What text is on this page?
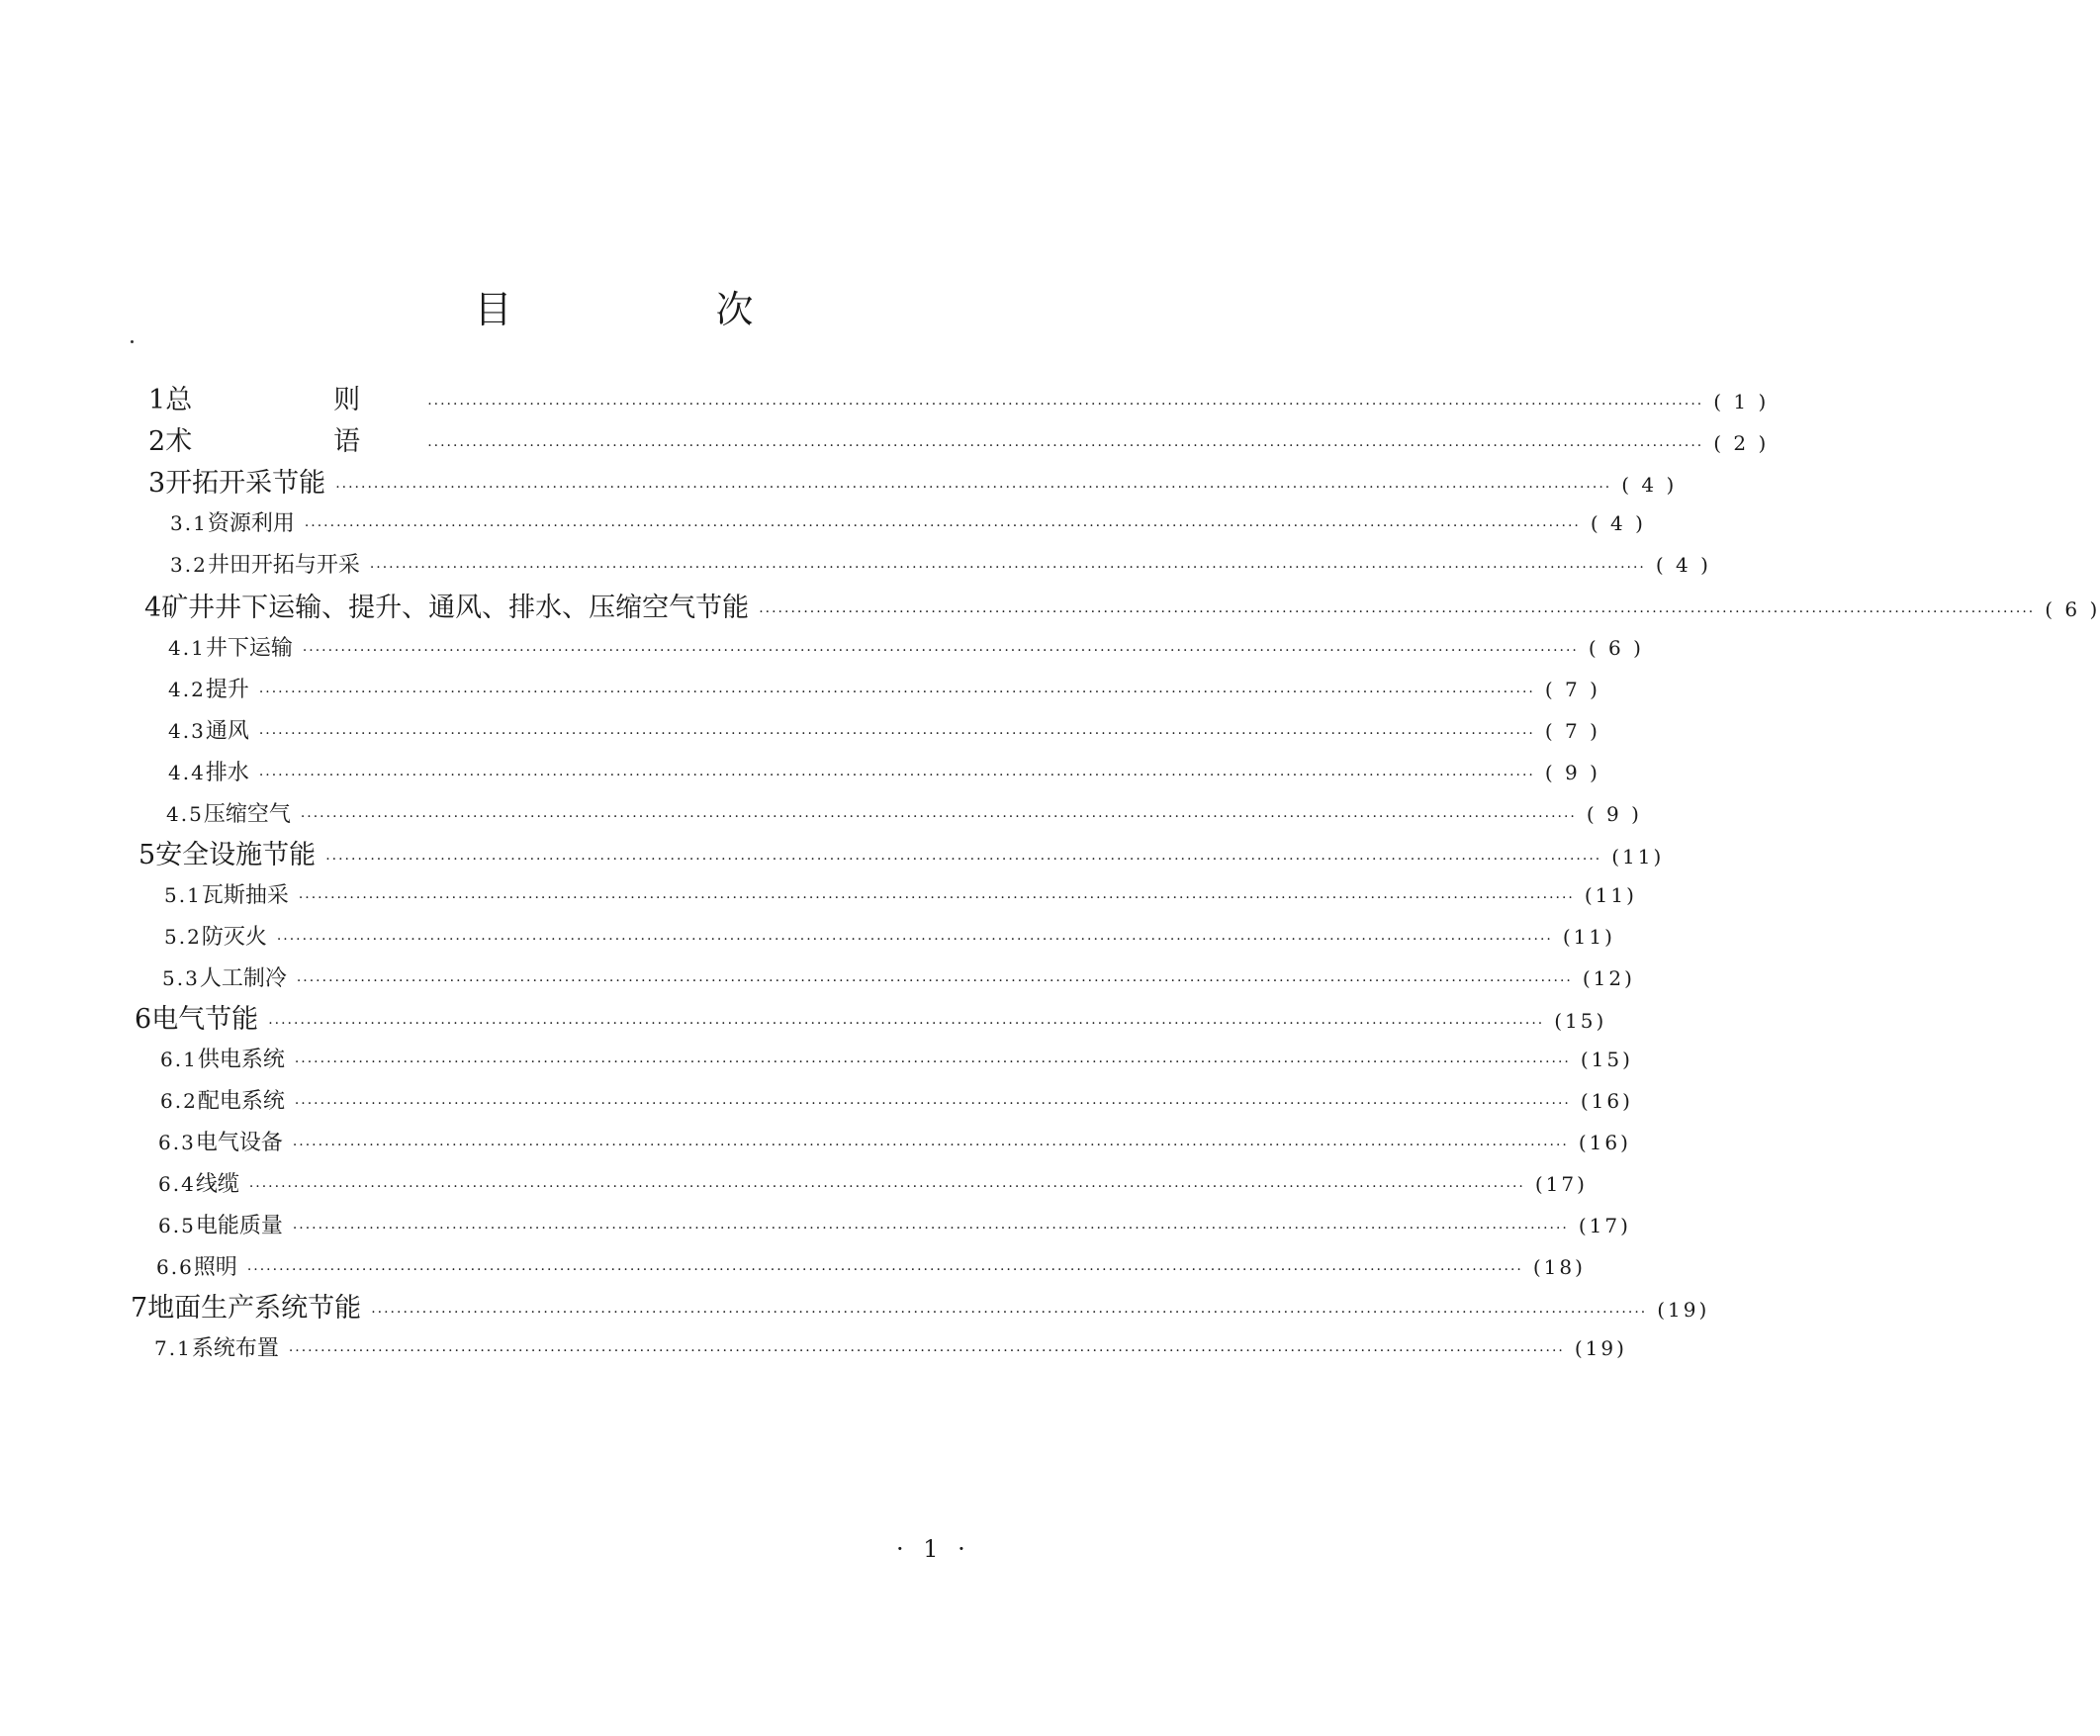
目　次
1 总　则 ········································································································································································································ ( 1 )
2 术　语 ········································································································································································································ ( 2 )
3 开拓开采节能 ········································································································································································································ ( 4 )
3.1 资源利用 ········································································································································································································ ( 4 )
3.2 井田开拓与开采 ········································································································································································································ ( 4 )
4 矿井井下运输、提升、通风、排水、压缩空气节能 ········································································································································································································ ( 6 )
4.1 井下运输 ········································································································································································································ ( 6 )
4.2 提升 ········································································································································································································ ( 7 )
4.3 通风 ········································································································································································································ ( 7 )
4.4 排水 ········································································································································································································ ( 9 )
4.5 压缩空气 ········································································································································································································ ( 9 )
5 安全设施节能 ········································································································································································································ (11)
5.1 瓦斯抽采 ········································································································································································································ (11)
5.2 防灭火 ········································································································································································································ (11)
5.3 人工制冷 ········································································································································································································ (12)
6 电气节能 ········································································································································································································ (15)
6.1 供电系统 ········································································································································································································ (15)
6.2 配电系统 ········································································································································································································ (16)
6.3 电气设备 ········································································································································································································ (16)
6.4 线缆 ········································································································································································································ (17)
6.5 电能质量 ········································································································································································································ (17)
6.6 照明 ········································································································································································································ (18)
7 地面生产系统节能 ········································································································································································································ (19)
7.1 系统布置 ········································································································································································································ (19)
· 1 ·
